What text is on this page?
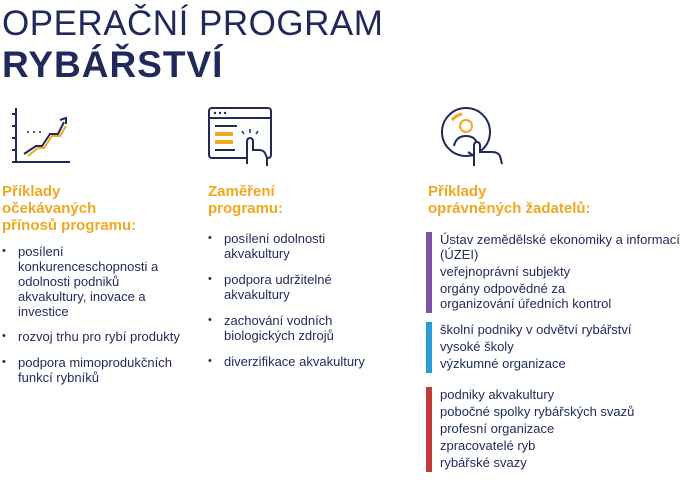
OPERAČNÍ PROGRAM
RYBÁŘSTVÍ
Příklady
očekávaných
přínosů programu:
• posílení konkurenceschopnosti a odolnosti podniků akvakultury, inovace a investice
• rozvoj trhu pro rybí produkty
• podpora mimoprodukčních funkcí rybníků
Zaměření
programu:
• posílení odolnosti akvakultury
• podpora udržitelné akvakultury
• zachování vodních biologických zdrojů
• diverzifikace akvakultury
Příklady
oprávněných žadatelů:
Ústav zemědělské ekonomiky a informací (ÚZEI)
veřejnoprávní subjekty
orgány odpovědné za organizování úředních kontrol
školní podniky v odvětví rybářství
vysoké školy
výzkumné organizace
podniky akvakultury
pobočné spolky rybářských svazů
profesní organizace
zpracovatelé ryb
rybářské svazy
